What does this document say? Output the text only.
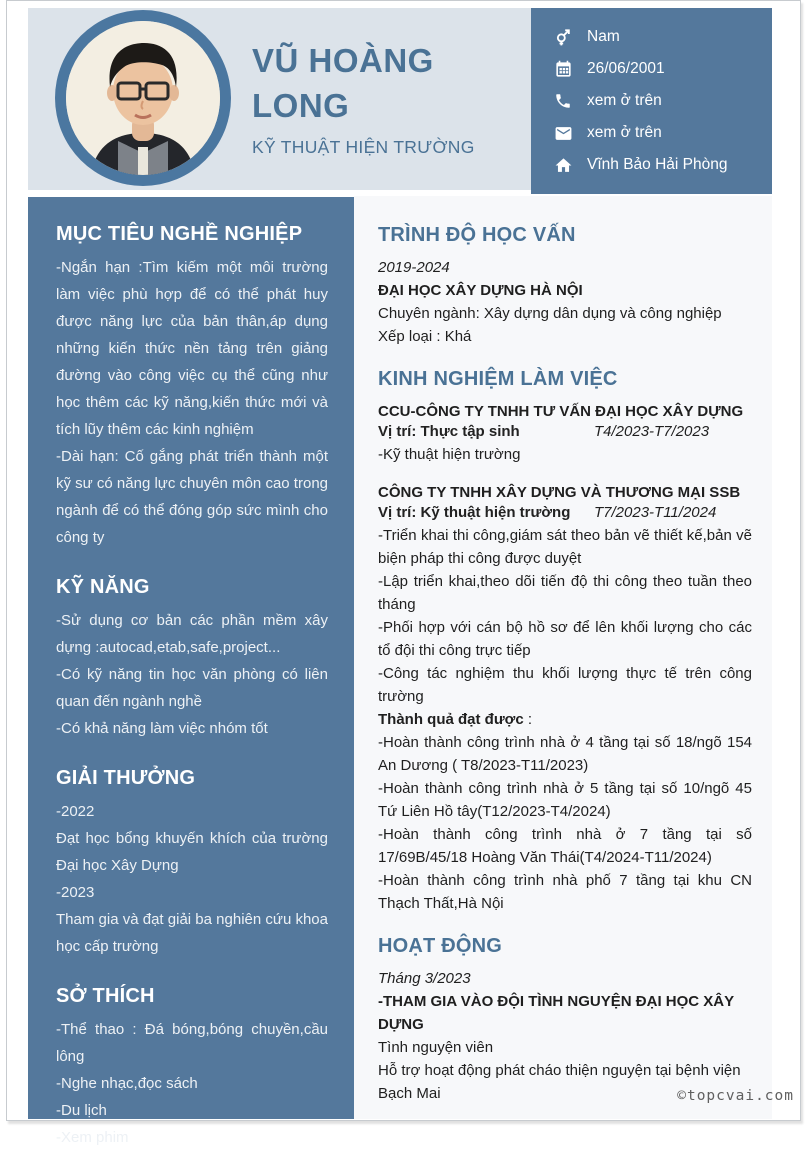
VŨ HOÀNG LONG
KỸ THUẬT HIỆN TRƯỜNG
Nam
26/06/2001
xem ở trên
xem ở trên
Vĩnh Bảo Hải Phòng
MỤC TIÊU NGHỀ NGHIỆP

-Ngắn hạn :Tìm kiếm một môi trường làm việc phù hợp để có thể phát huy được năng lực của bản thân,áp dụng những kiến thức nền tảng trên giảng đường vào công việc cụ thể cũng như học thêm các kỹ năng,kiến thức mới và tích lũy thêm các kinh nghiệm

-Dài hạn: Cố gắng phát triển thành một kỹ sư có năng lực chuyên môn cao trong ngành để có thể đóng góp sức mình cho công ty

KỸ NĂNG

-Sử dụng cơ bản các phần mềm xây dựng :autocad,etab,safe,project...

-Có kỹ năng tin học văn phòng có liên quan đến ngành nghề

-Có khả năng làm việc nhóm tốt

GIẢI THƯỞNG

-2022

Đạt học bổng khuyến khích của trường Đại học Xây Dựng

-2023

Tham gia và đạt giải ba nghiên cứu khoa học cấp trường

SỞ THÍCH

-Thể thao : Đá bóng,bóng chuyền,cầu lông

-Nghe nhạc,đọc sách

-Du lịch

-Xem phim

TRÌNH ĐỘ HỌC VẤN

2019-2024

ĐẠI HỌC XÂY DỰNG HÀ NỘI

Chuyên ngành: Xây dựng dân dụng và công nghiệp

Xếp loại : Khá

KINH NGHIỆM LÀM VIỆC

CCU-CÔNG TY TNHH TƯ VẤN ĐẠI HỌC XÂY DỰNG

Vị trí: Thực tập sinh	T4/2023-T7/2023

-Kỹ thuật hiện trường

CÔNG TY TNHH XÂY DỰNG VÀ THƯƠNG MẠI SSB

Vị trí: Kỹ thuật hiện trường	T7/2023-T11/2024

-Triển khai thi công,giám sát theo bản vẽ thiết kế,bản vẽ biện pháp thi công được duyệt

-Lập triển khai,theo dõi tiến độ thi công theo tuần theo tháng

-Phối hợp với cán bộ hồ sơ để lên khối lượng cho các tổ đội thi công trực tiếp

-Công tác nghiệm thu khối lượng thực tế trên công trường

Thành quả đạt được :

-Hoàn thành công trình nhà ở 4 tầng tại số 18/ngõ 154 An Dương ( T8/2023-T11/2023)

-Hoàn thành công trình nhà ở 5 tầng tại số 10/ngõ 45 Tứ Liên Hồ tây(T12/2023-T4/2024)

-Hoàn thành công trình nhà ở 7 tầng tại số 17/69B/45/18 Hoàng Văn Thái(T4/2024-T11/2024)

-Hoàn thành công trình nhà phố 7 tầng tại khu CN Thạch Thất,Hà Nội

HOẠT ĐỘNG

Tháng 3/2023

-THAM GIA VÀO ĐỘI TÌNH NGUYỆN ĐẠI HỌC XÂY DỰNG

Tình nguyện viên

Hỗ trợ hoạt động phát cháo thiện nguyện tại bệnh viện Bạch Mai	©topcvai.com
